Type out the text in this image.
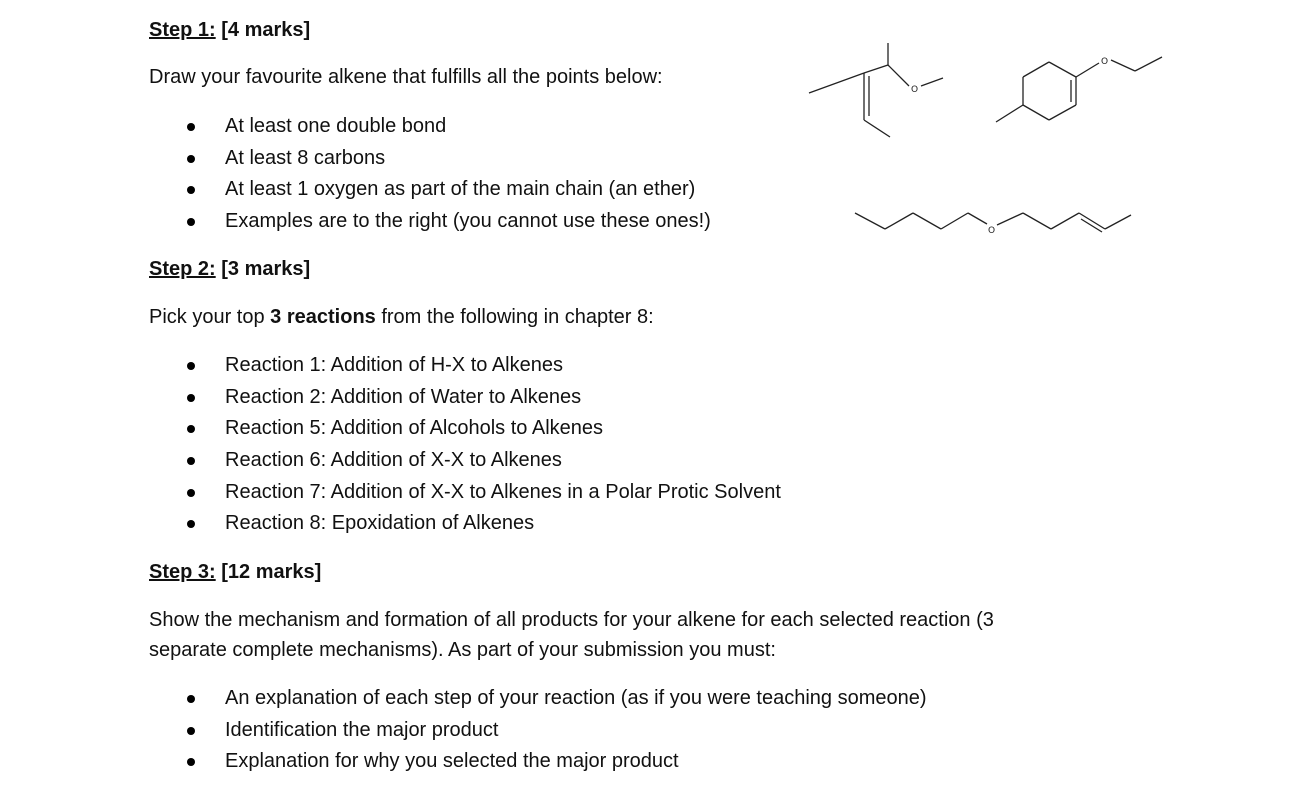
Step 1: [4 marks]
Draw your favourite alkene that fulfills all the points below:
At least one double bond
At least 8 carbons
At least 1 oxygen as part of the main chain (an ether)
Examples are to the right (you cannot use these ones!)
O
O
O
Step 2: [3 marks]
Pick your top 3 reactions from the following in chapter 8:
Reaction 1: Addition of H-X to Alkenes
Reaction 2: Addition of Water to Alkenes
Reaction 5: Addition of Alcohols to Alkenes
Reaction 6: Addition of X-X to Alkenes
Reaction 7: Addition of X-X to Alkenes in a Polar Protic Solvent
Reaction 8: Epoxidation of Alkenes
Step 3: [12 marks]
Show the mechanism and formation of all products for your alkene for each selected reaction (3
separate complete mechanisms). As part of your submission you must:
An explanation of each step of your reaction (as if you were teaching someone)
Identification the major product
Explanation for why you selected the major product
